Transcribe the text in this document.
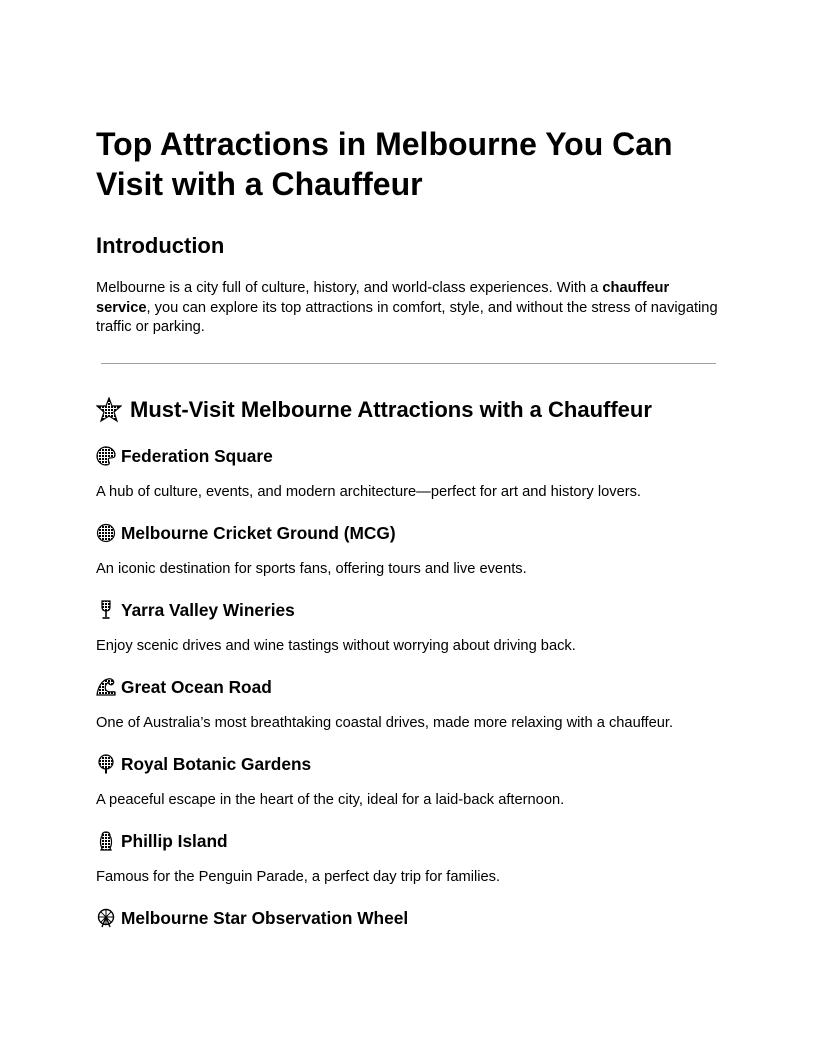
Top Attractions in Melbourne You Can Visit with a Chauffeur
Introduction

Melbourne is a city full of culture, history, and world-class experiences. With a chauffeur service, you can explore its top attractions in comfort, style, and without the stress of navigating traffic or parking.

Must-Visit Melbourne Attractions with a Chauffeur
Federation Square

A hub of culture, events, and modern architecture—perfect for art and history lovers.

Melbourne Cricket Ground (MCG)

An iconic destination for sports fans, offering tours and live events.

Yarra Valley Wineries

Enjoy scenic drives and wine tastings without worrying about driving back.

Great Ocean Road

One of Australia’s most breathtaking coastal drives, made more relaxing with a chauffeur.

Royal Botanic Gardens

A peaceful escape in the heart of the city, ideal for a laid-back afternoon.

Phillip Island

Famous for the Penguin Parade, a perfect day trip for families.

Melbourne Star Observation Wheel
